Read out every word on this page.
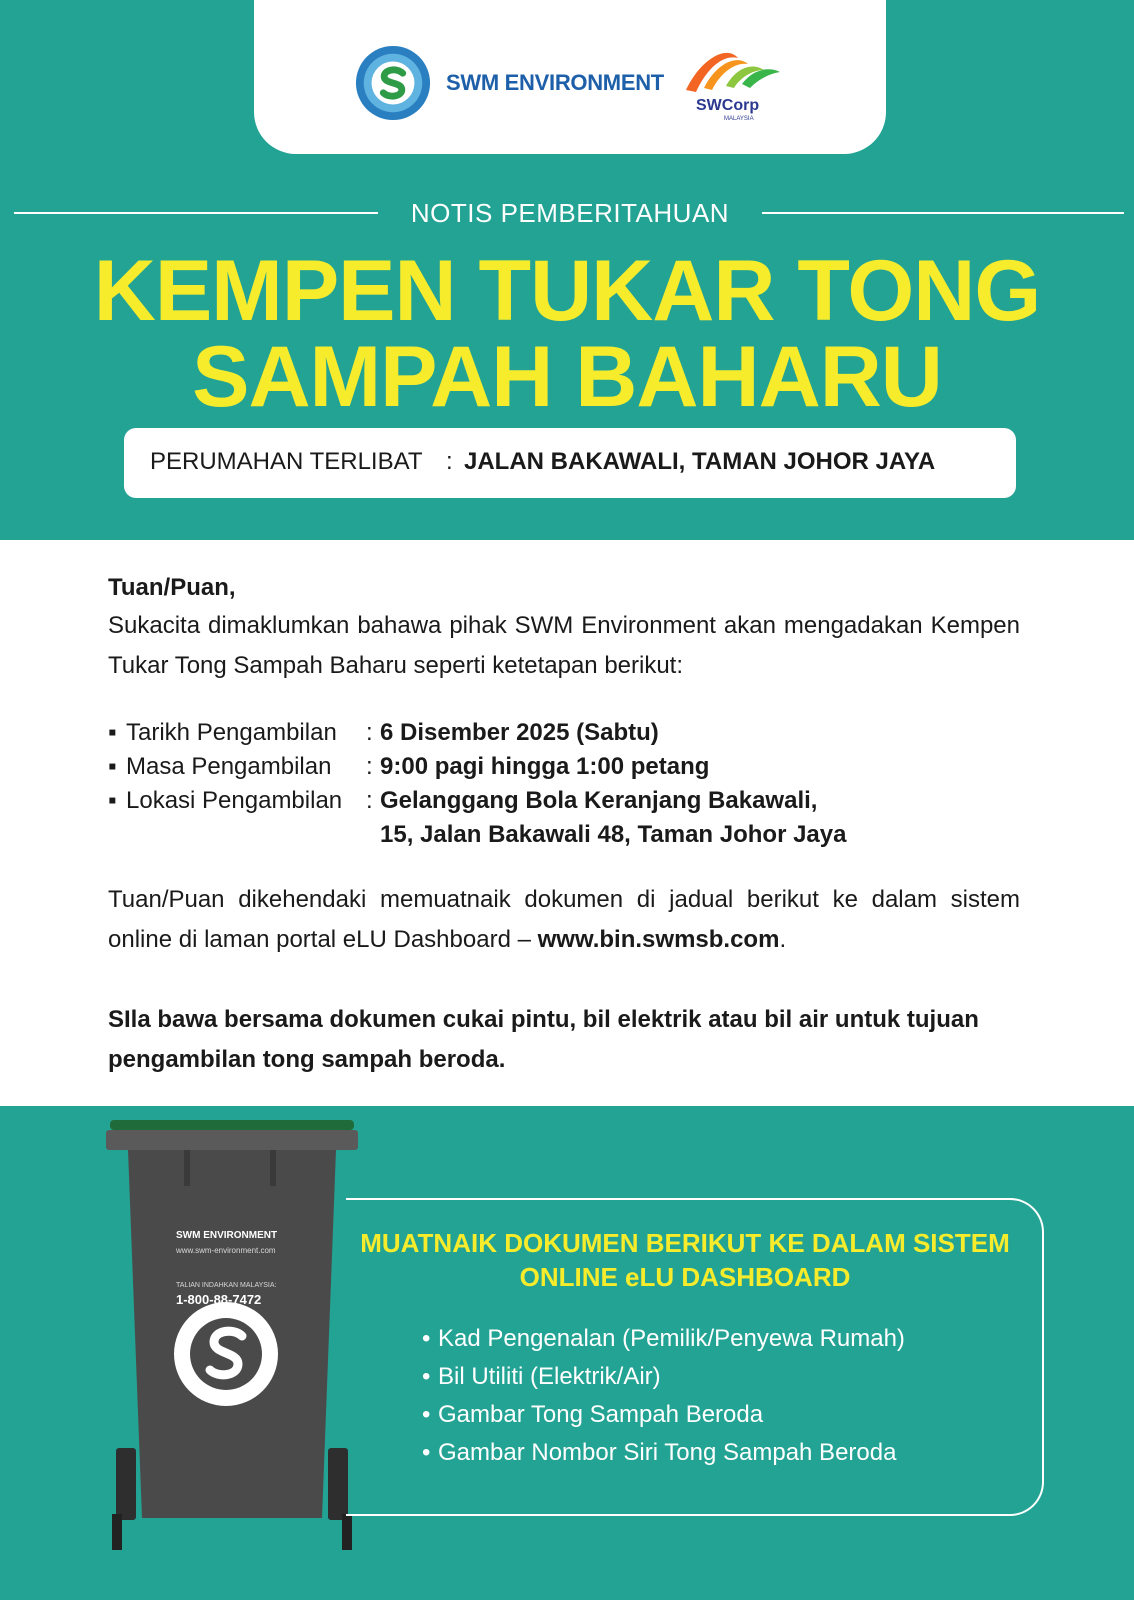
SWM ENVIRONMENT
SWCorp
MALAYSIA
NOTIS PEMBERITAHUAN
KEMPEN TUKAR TONG
SAMPAH BAHARU
PERUMAHAN TERLIBAT : JALAN BAKAWALI, TAMAN JOHOR JAYA
Tuan/Puan,
Sukacita dimaklumkan bahawa pihak SWM Environment akan mengadakan Kempen Tukar Tong Sampah Baharu seperti ketetapan berikut:
▪ Tarikh Pengambilan : 6 Disember 2025 (Sabtu)
▪ Masa Pengambilan : 9:00 pagi hingga 1:00 petang
▪ Lokasi Pengambilan : Gelanggang Bola Keranjang Bakawali,
15, Jalan Bakawali 48, Taman Johor Jaya
Tuan/Puan dikehendaki memuatnaik dokumen di jadual berikut ke dalam sistem online di laman portal eLU Dashboard – www.bin.swmsb.com.
SIla bawa bersama dokumen cukai pintu, bil elektrik atau bil air untuk tujuan pengambilan tong sampah beroda.
SWM ENVIRONMENT
www.swm-environment.com
TALIAN INDAHKAN MALAYSIA:
1-800-88-7472
MUATNAIK DOKUMEN BERIKUT KE DALAM SISTEM
ONLINE eLU DASHBOARD
• Kad Pengenalan (Pemilik/Penyewa Rumah)
• Bil Utiliti (Elektrik/Air)
• Gambar Tong Sampah Beroda
• Gambar Nombor Siri Tong Sampah Beroda
